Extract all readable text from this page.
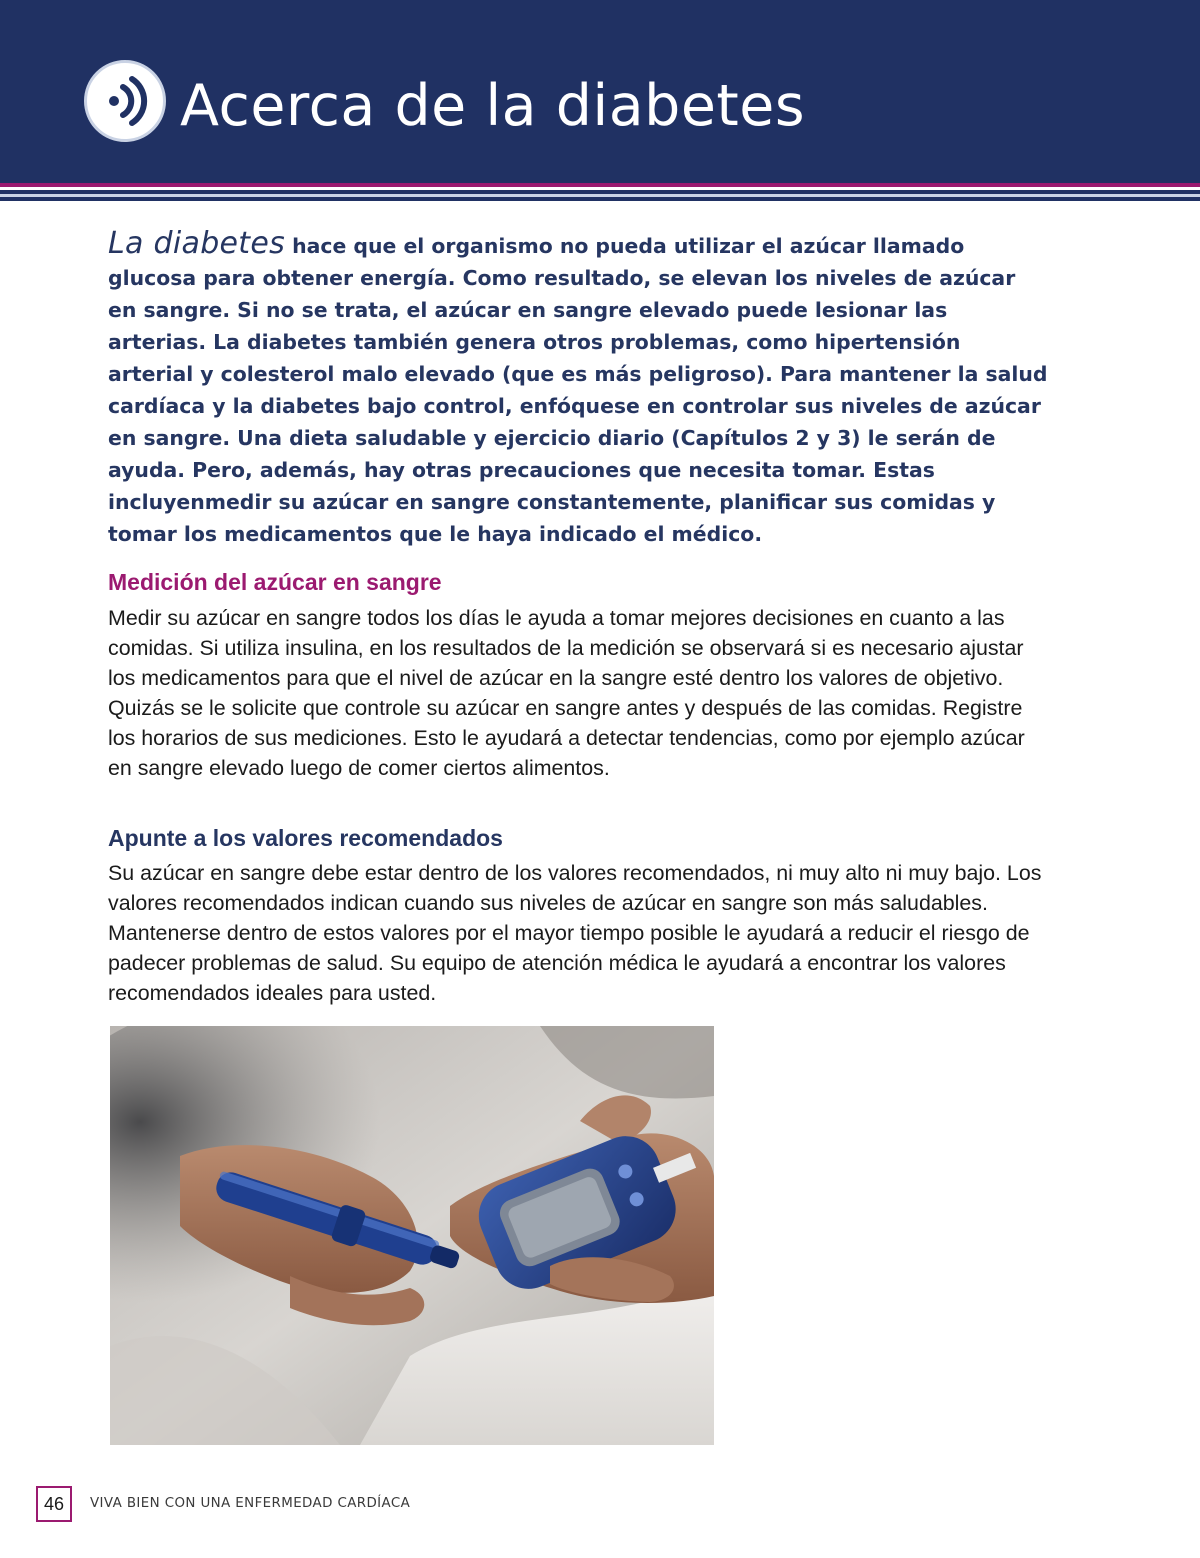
Acerca de la diabetes

La diabetes hace que el organismo no pueda utilizar el azúcar llamado glucosa para obtener energía. Como resultado, se elevan los niveles de azúcar en sangre. Si no se trata, el azúcar en sangre elevado puede lesionar las arterias. La diabetes también genera otros problemas, como hipertensión arterial y colesterol malo elevado (que es más peligroso). Para mantener la salud cardíaca y la diabetes bajo control, enfóquese en controlar sus niveles de azúcar en sangre. Una dieta saludable y ejercicio diario (Capítulos 2 y 3) le serán de ayuda. Pero, además, hay otras precauciones que necesita tomar. Estas incluyenmedir su azúcar en sangre constantemente, planificar sus comidas y tomar los medicamentos que le haya indicado el médico.

Medición del azúcar en sangre

Medir su azúcar en sangre todos los días le ayuda a tomar mejores decisiones en cuanto a las comidas. Si utiliza insulina, en los resultados de la medición se observará si es necesario ajustar los medicamentos para que el nivel de azúcar en la sangre esté dentro los valores de objetivo. Quizás se le solicite que controle su azúcar en sangre antes y después de las comidas. Registre los horarios de sus mediciones. Esto le ayudará a detectar tendencias, como por ejemplo azúcar en sangre elevado luego de comer ciertos alimentos.

Apunte a los valores recomendados

Su azúcar en sangre debe estar dentro de los valores recomendados, ni muy alto ni muy bajo. Los valores recomendados indican cuando sus niveles de azúcar en sangre son más saludables. Mantenerse dentro de estos valores por el mayor tiempo posible le ayudará a reducir el riesgo de padecer problemas de salud. Su equipo de atención médica le ayudará a encontrar los valores recomendados ideales para usted.

46	VIVA BIEN CON UNA ENFERMEDAD CARDÍACA
